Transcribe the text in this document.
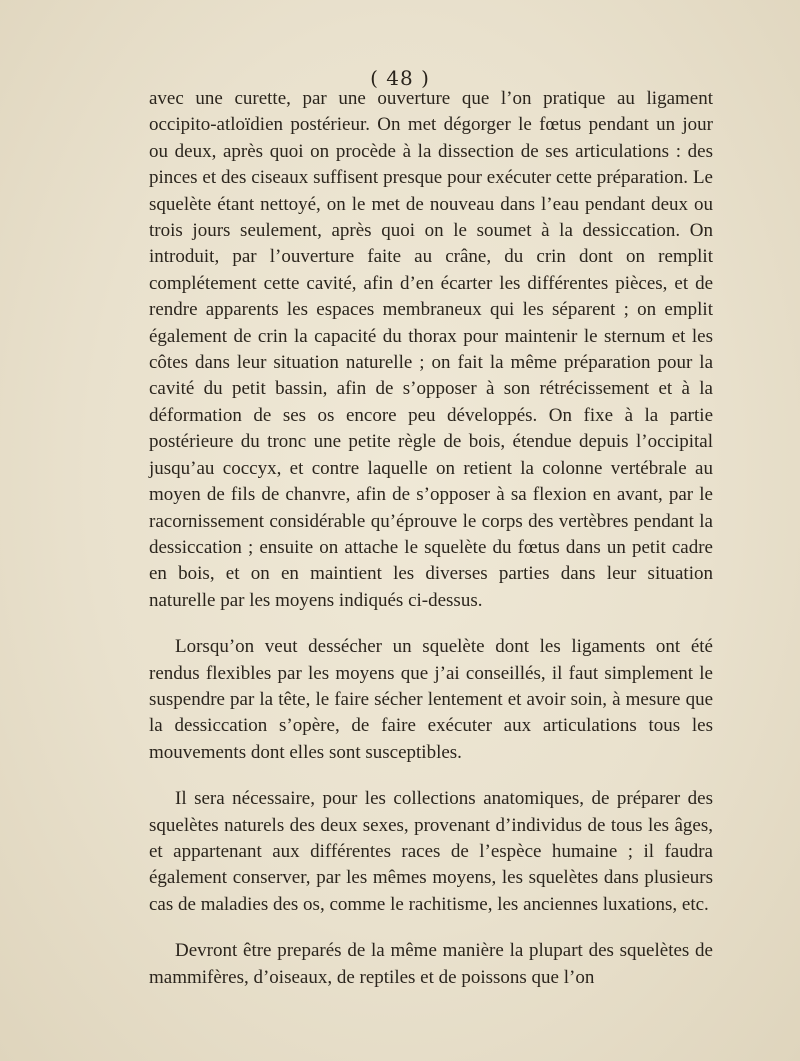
( 48 )

avec une curette, par une ouverture que l’on pratique au ligament occipito-atloïdien postérieur. On met dégorger le fœtus pendant un jour ou deux, après quoi on procède à la dissection de ses articulations : des pinces et des ciseaux suffisent presque pour exécuter cette préparation. Le squelète étant nettoyé, on le met de nouveau dans l’eau pendant deux ou trois jours seulement, après quoi on le soumet à la dessiccation. On introduit, par l’ouverture faite au crâne, du crin dont on remplit complétement cette cavité, afin d’en écarter les différentes pièces, et de rendre apparents les espaces membraneux qui les séparent ; on emplit également de crin la capacité du thorax pour maintenir le sternum et les côtes dans leur situation naturelle ; on fait la même préparation pour la cavité du petit bassin, afin de s’opposer à son rétrécissement et à la déformation de ses os encore peu développés. On fixe à la partie postérieure du tronc une petite règle de bois, étendue depuis l’occipital jusqu’au coccyx, et contre laquelle on retient la colonne vertébrale au moyen de fils de chanvre, afin de s’opposer à sa flexion en avant, par le racornissement considérable qu’éprouve le corps des vertèbres pendant la dessiccation ; ensuite on attache le squelète du fœtus dans un petit cadre en bois, et on en maintient les diverses parties dans leur situation naturelle par les moyens indiqués ci-dessus.

Lorsqu’on veut dessécher un squelète dont les ligaments ont été rendus flexibles par les moyens que j’ai conseillés, il faut simplement le suspendre par la tête, le faire sécher lentement et avoir soin, à mesure que la dessiccation s’opère, de faire exécuter aux articulations tous les mouvements dont elles sont susceptibles.

Il sera nécessaire, pour les collections anatomiques, de préparer des squelètes naturels des deux sexes, provenant d’individus de tous les âges, et appartenant aux différentes races de l’espèce humaine ; il faudra également conserver, par les mêmes moyens, les squelètes dans plusieurs cas de maladies des os, comme le rachitisme, les anciennes luxations, etc.

Devront être preparés de la même manière la plupart des squelètes de mammifères, d’oiseaux, de reptiles et de poissons que l’on
